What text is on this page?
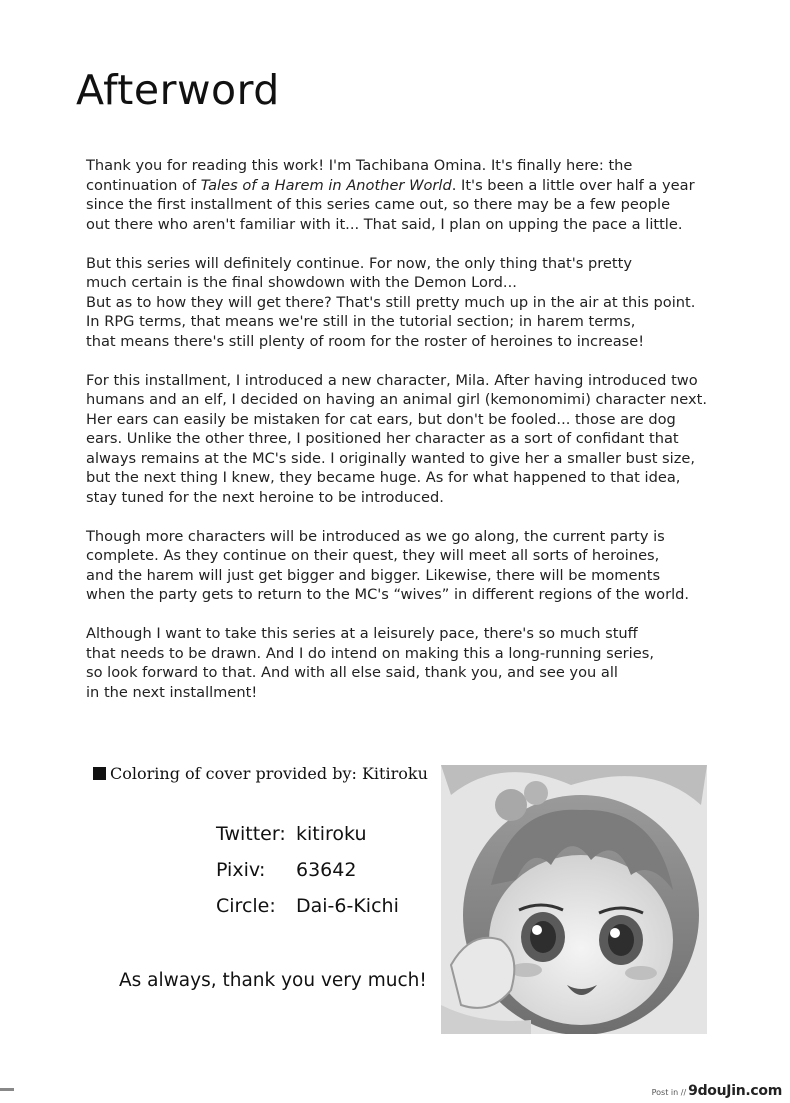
Afterword

Thank you for reading this work! I'm Tachibana Omina. It's finally here: the
continuation of Tales of a Harem in Another World. It's been a little over half a year
since the first installment of this series came out, so there may be a few people
out there who aren't familiar with it... That said, I plan on upping the pace a little.

But this series will definitely continue. For now, the only thing that's pretty
much certain is the final showdown with the Demon Lord...
But as to how they will get there? That's still pretty much up in the air at this point.
In RPG terms, that means we're still in the tutorial section; in harem terms,
that means there's still plenty of room for the roster of heroines to increase!

For this installment, I introduced a new character, Mila. After having introduced two
humans and an elf, I decided on having an animal girl (kemonomimi) character next.
Her ears can easily be mistaken for cat ears, but don't be fooled... those are dog
ears. Unlike the other three, I positioned her character as a sort of confidant that
always remains at the MC's side. I originally wanted to give her a smaller bust size,
but the next thing I knew, they became huge. As for what happened to that idea,
stay tuned for the next heroine to be introduced.

Though more characters will be introduced as we go along, the current party is
complete. As they continue on their quest, they will meet all sorts of heroines,
and the harem will just get bigger and bigger. Likewise, there will be moments
when the party gets to return to the MC's “wives” in different regions of the world.

Although I want to take this series at a leisurely pace, there's so much stuff
that needs to be drawn. And I do intend on making this a long-running series,
so look forward to that. And with all else said, thank you, and see you all
in the next installment!

Coloring of cover provided by: Kitiroku
Twitter: kitiroku
Pixiv:	63642
Circle:	Dai-6-Kichi
As always, thank you very much!
Post in // 9douJin.com
